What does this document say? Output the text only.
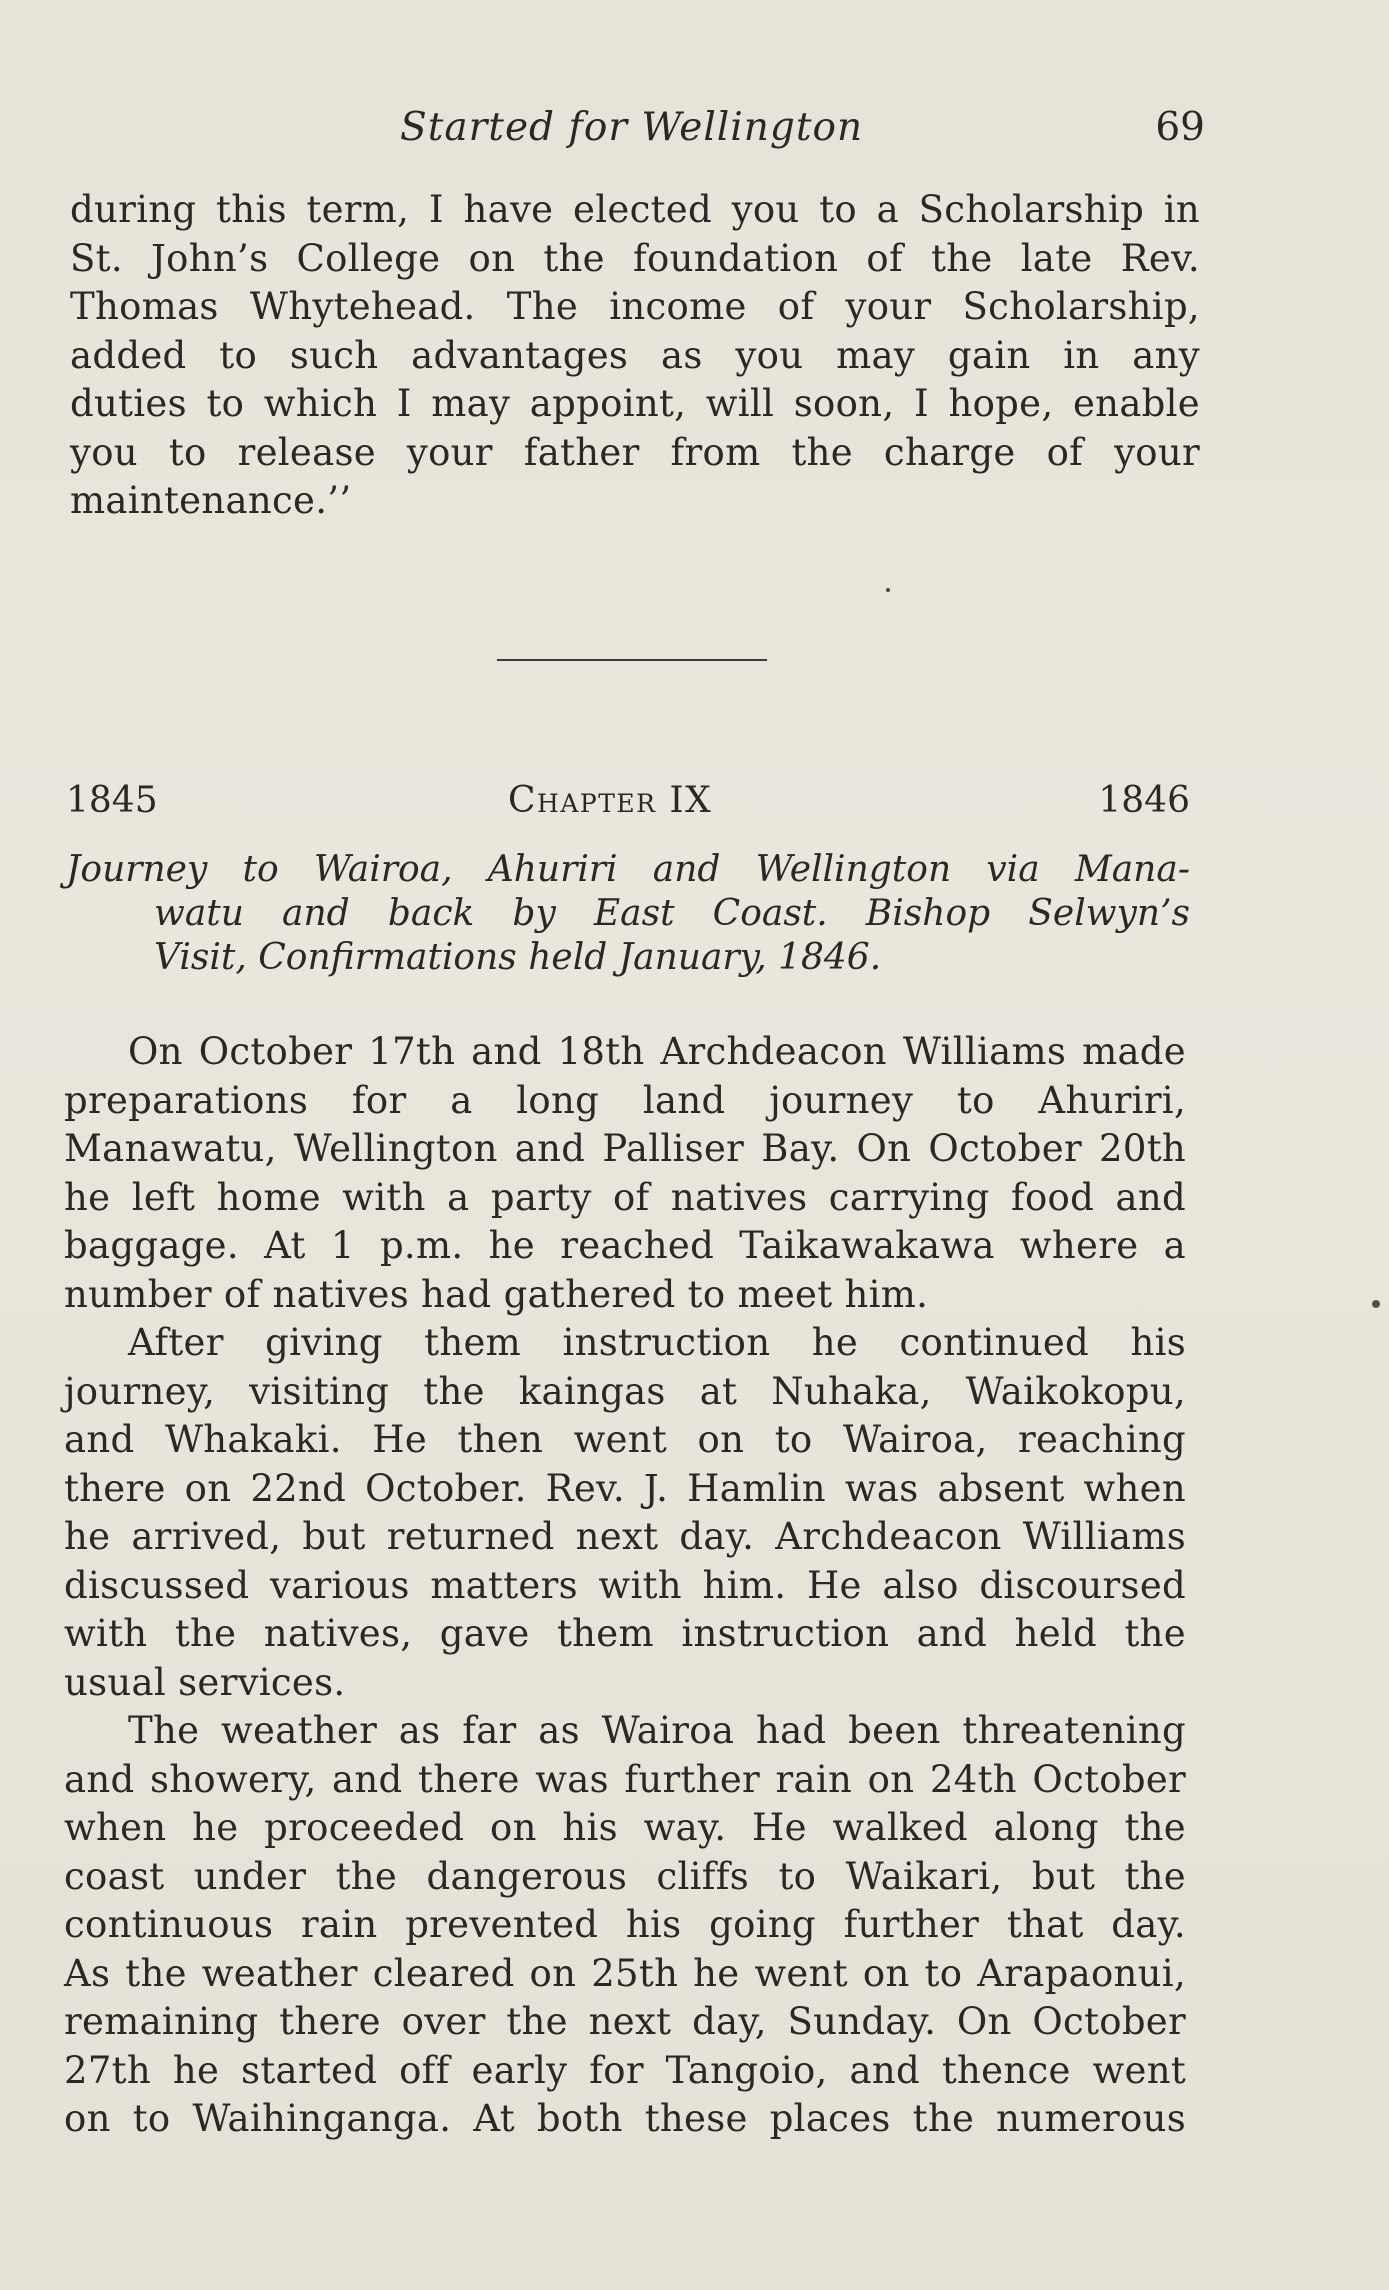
Started for Wellington	69
during this term, I have elected you to a Scholarship in
St. John’s College on the foundation of the late Rev.
Thomas Whytehead. The income of your Scholarship,
added to such advantages as you may gain in any
duties to which I may appoint, will soon, I hope, enable
you to release your father from the charge of your
maintenance.’’
1845	Chapter IX	1846
Journey to Wairoa, Ahuriri and Wellington via Mana-
watu and back by East Coast. Bishop Selwyn’s
Visit, Confirmations held January, 1846.
On October 17th and 18th Archdeacon Williams made
preparations for a long land journey to Ahuriri,
Manawatu, Wellington and Palliser Bay. On October 20th
he left home with a party of natives carrying food and
baggage. At 1 p.m. he reached Taikawakawa where a
number of natives had gathered to meet him.
After giving them instruction he continued his
journey, visiting the kaingas at Nuhaka, Waikokopu,
and Whakaki. He then went on to Wairoa, reaching
there on 22nd October. Rev. J. Hamlin was absent when
he arrived, but returned next day. Archdeacon Williams
discussed various matters with him. He also discoursed
with the natives, gave them instruction and held the
usual services.
The weather as far as Wairoa had been threatening
and showery, and there was further rain on 24th October
when he proceeded on his way. He walked along the
coast under the dangerous cliffs to Waikari, but the
continuous rain prevented his going further that day.
As the weather cleared on 25th he went on to Arapaonui,
remaining there over the next day, Sunday. On October
27th he started off early for Tangoio, and thence went
on to Waihinganga. At both these places the numerous
